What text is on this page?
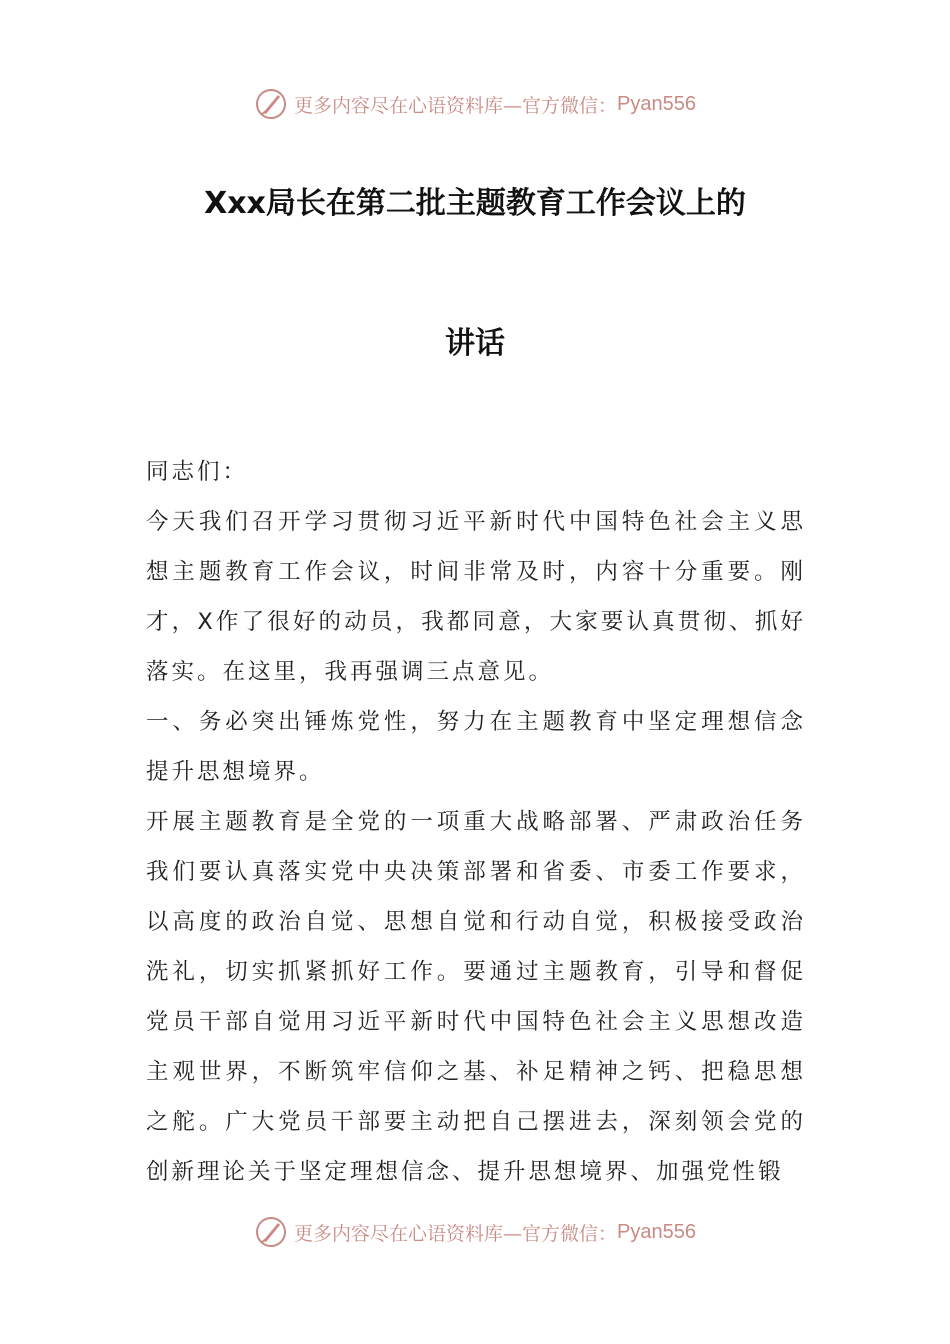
更多内容尽在心语资料库—官方微信： Pyan556
Xxx局长在第二批主题教育工作会议上的
讲话

同志们：

今天我们召开学习贯彻习近平新时代中国特色社会主义思想主题教育工作会议，时间非常及时，内容十分重要。刚才，X作了很好的动员，我都同意，大家要认真贯彻、抓好落实。在这里，我再强调三点意见。

一、务必突出锤炼党性，努力在主题教育中坚定理想信念提升思想境界。

开展主题教育是全党的一项重大战略部署、严肃政治任务我们要认真落实党中央决策部署和省委、市委工作要求，以高度的政治自觉、思想自觉和行动自觉，积极接受政治洗礼，切实抓紧抓好工作。要通过主题教育，引导和督促党员干部自觉用习近平新时代中国特色社会主义思想改造主观世界，不断筑牢信仰之基、补足精神之钙、把稳思想之舵。广大党员干部要主动把自己摆进去，深刻领会党的创新理论关于坚定理想信念、提升思想境界、加强党性锻

更多内容尽在心语资料库—官方微信： Pyan556
